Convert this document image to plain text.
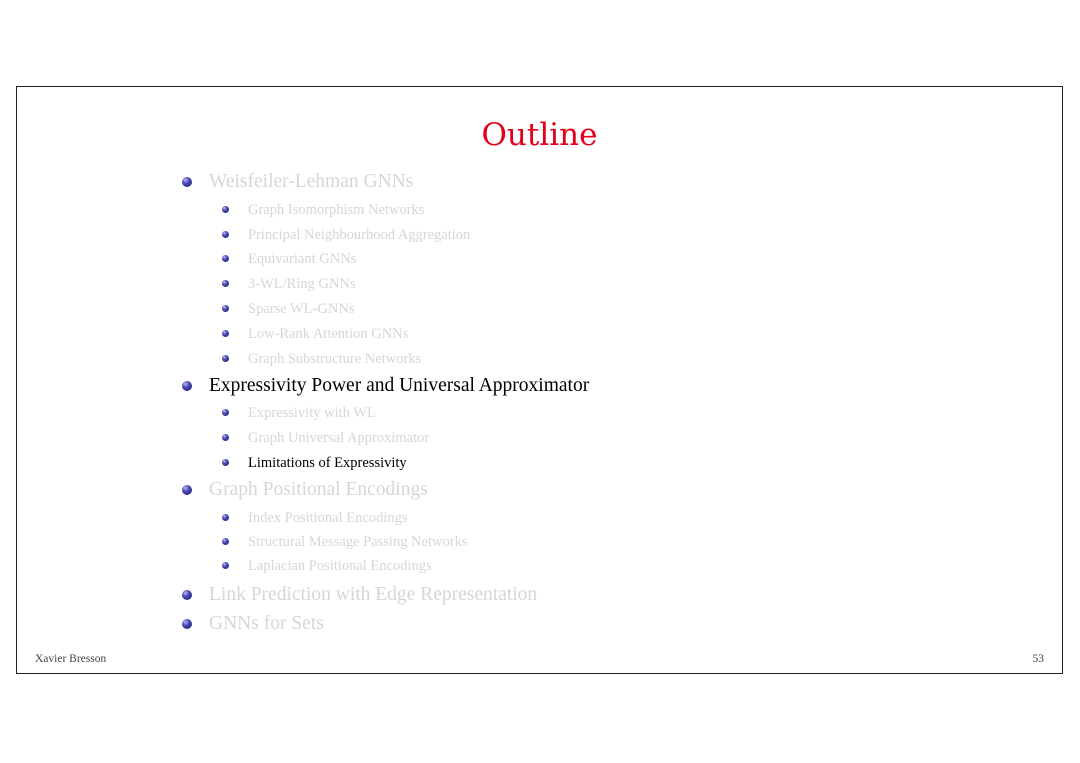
Outline
Weisfeiler-Lehman GNNs
Graph Isomorphism Networks
Principal Neighbourhood Aggregation
Equivariant GNNs
3-WL/Ring GNNs
Sparse WL-GNNs
Low-Rank Attention GNNs
Graph Substructure Networks
Expressivity Power and Universal Approximator
Expressivity with WL
Graph Universal Approximator
Limitations of Expressivity
Graph Positional Encodings
Index Positional Encodings
Structural Message Passing Networks
Laplacian Positional Encodings
Link Prediction with Edge Representation
GNNs for Sets
Xavier Bresson	53
